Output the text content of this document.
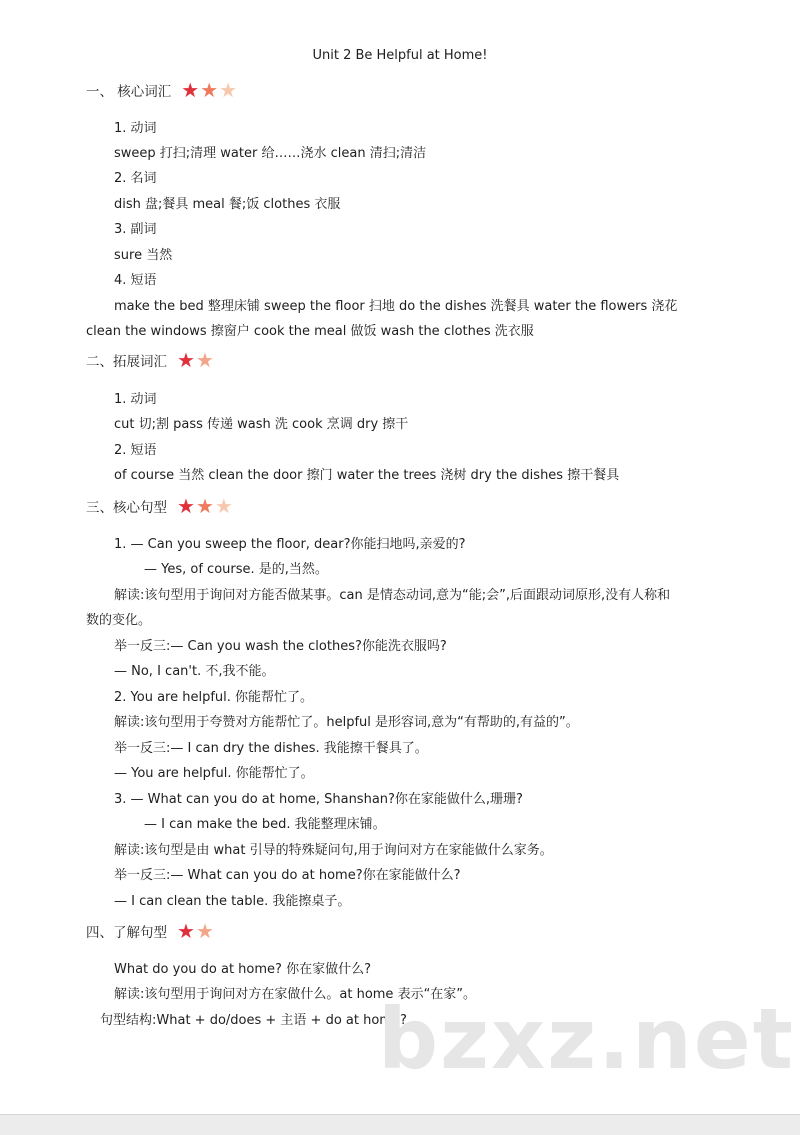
Unit 2 Be Helpful at Home!
一、 核心词汇 ★ ★ ★
1. 动词
sweep 打扫;清理 water 给……浇水 clean 清扫;清洁
2. 名词
dish 盘;餐具 meal 餐;饭 clothes 衣服
3. 副词
sure 当然
4. 短语
make the bed 整理床铺 sweep the floor 扫地 do the dishes 洗餐具 water the flowers 浇花
clean the windows 擦窗户 cook the meal 做饭 wash the clothes 洗衣服
二、拓展词汇 ★ ★
1. 动词
cut 切;割 pass 传递 wash 洗 cook 烹调 dry 擦干
2. 短语
of course 当然 clean the door 擦门 water the trees 浇树 dry the dishes 擦干餐具
三、核心句型 ★ ★ ★
1. — Can you sweep the floor, dear?你能扫地吗,亲爱的?
— Yes, of course. 是的,当然。
解读:该句型用于询问对方能否做某事。can 是情态动词,意为“能;会”,后面跟动词原形,没有人称和
数的变化。
举一反三:— Can you wash the clothes?你能洗衣服吗?
— No, I can't. 不,我不能。
2. You are helpful. 你能帮忙了。
解读:该句型用于夸赞对方能帮忙了。helpful 是形容词,意为“有帮助的,有益的”。
举一反三:— I can dry the dishes. 我能擦干餐具了。
— You are helpful. 你能帮忙了。
3. — What can you do at home, Shanshan?你在家能做什么,珊珊?
— I can make the bed. 我能整理床铺。
解读:该句型是由 what 引导的特殊疑问句,用于询问对方在家能做什么家务。
举一反三:— What can you do at home?你在家能做什么?
— I can clean the table. 我能擦桌子。
四、了解句型 ★ ★
What do you do at home? 你在家做什么?
解读:该句型用于询问对方在家做什么。at home 表示“在家”。
句型结构:What + do/does + 主语 + do at home?
bzxz.net
